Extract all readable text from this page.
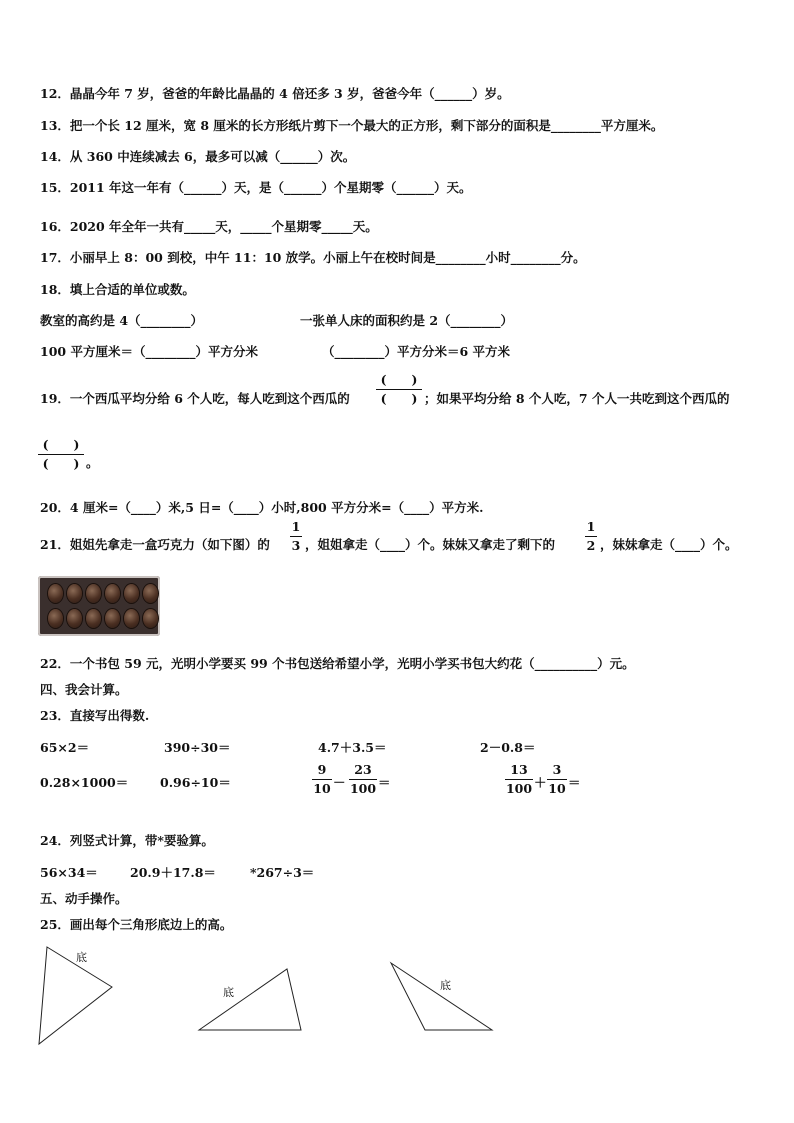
12．晶晶今年 7 岁，爸爸的年龄比晶晶的 4 倍还多 3 岁，爸爸今年（______）岁。
13．把一个长 12 厘米，宽 8 厘米的长方形纸片剪下一个最大的正方形，剩下部分的面积是________平方厘米。
14．从 360 中连续减去 6，最多可以减（______）次。
15．2011 年这一年有（______）天，是（______）个星期零（______）天。
16．2020 年全年一共有_____天，_____个星期零_____天。
17．小丽早上 8：00 到校，中午 11：10 放学。小丽上午在校时间是________小时________分。
18．填上合适的单位或数。
教室的高约是 4（________）	一张单人床的面积约是 2（________）
100 平方厘米＝（________）平方分米	（________）平方分米＝6 平方米
19．一个西瓜平均分给 6 个人吃，每人吃到这个西瓜的
(　　)
(　　) ；如果平均分给 8 个人吃，7 个人一共吃到这个西瓜的
(　　)
(　　) 。
20．4 厘米=（____）米,5 日=（____）小时,800 平方分米=（____）平方米.
21．姐姐先拿走一盒巧克力（如下图）的
1
3 ，姐姐拿走（____）个。妹妹又拿走了剩下的
1
2 ，妹妹拿走（____）个。
22．一个书包 59 元，光明小学要买 99 个书包送给希望小学，光明小学买书包大约花（__________）元。
四、我会计算。
23．直接写出得数.
65×2＝	390÷30＝	4.7＋3.5＝	2－0.8＝
0.28×1000＝	0.96÷10＝
9
10 －
23
100 ＝
13
100 ＋
3
10 ＝
24．列竖式计算，带*要验算。
56×34＝	20.9＋17.8＝	*267÷3＝
五、动手操作。
25．画出每个三角形底边上的高。
底
底
底
